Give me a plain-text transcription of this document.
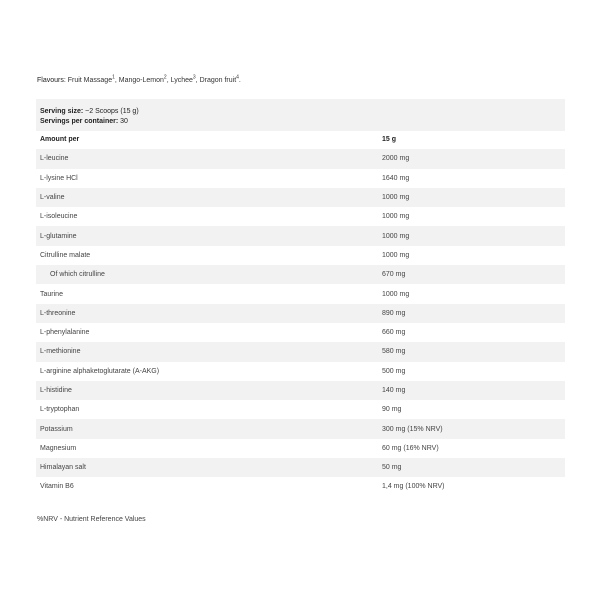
Flavours: Fruit Massage$^1$, Mango-Lemon$^2$, Lychee$^3$, Dragon fruit$^4$.
Serving size: ~2 Scoops (15 g)
Servings per container: 30
Amount per	15 g
L-leucine	2000 mg
L-lysine HCl	1640 mg
L-valine	1000 mg
L-isoleucine	1000 mg
L-glutamine	1000 mg
Citrulline malate	1000 mg
Of which citrulline	670 mg
Taurine	1000 mg
L-threonine	890 mg
L-phenylalanine	660 mg
L-methionine	580 mg
L-arginine alphaketoglutarate (A-AKG)	500 mg
L-histidine	140 mg
L-tryptophan	90 mg
Potassium	300 mg (15% NRV)
Magnesium	60 mg (16% NRV)
Himalayan salt	50 mg
Vitamin B6	1,4 mg (100% NRV)
%NRV - Nutrient Reference Values
